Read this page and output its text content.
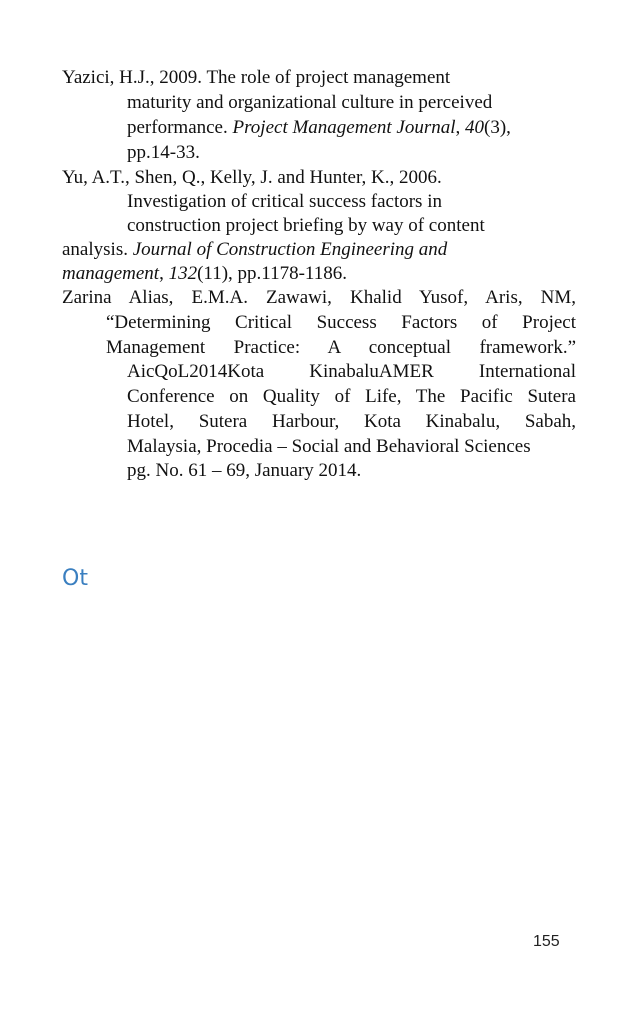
Yazici, H.J., 2009. The role of project management
maturity and organizational culture in perceived
performance. Project Management Journal, 40(3),
pp.14-33.
Yu, A.T., Shen, Q., Kelly, J. and Hunter, K., 2006.
Investigation of critical success factors in
construction project briefing by way of content
analysis. Journal of Construction Engineering and
management, 132(11), pp.1178-1186.
Zarina Alias, E.M.A. Zawawi, Khalid Yusof, Aris, NM,
“Determining Critical Success Factors of Project
Management Practice: A conceptual framework.”
AicQoL2014Kota KinabaluAMER International
Conference on Quality of Life, The Pacific Sutera
Hotel, Sutera Harbour, Kota Kinabalu, Sabah,
Malaysia, Procedia – Social and Behavioral Sciences
pg. No. 61 – 69, January 2014.
Ot
155
